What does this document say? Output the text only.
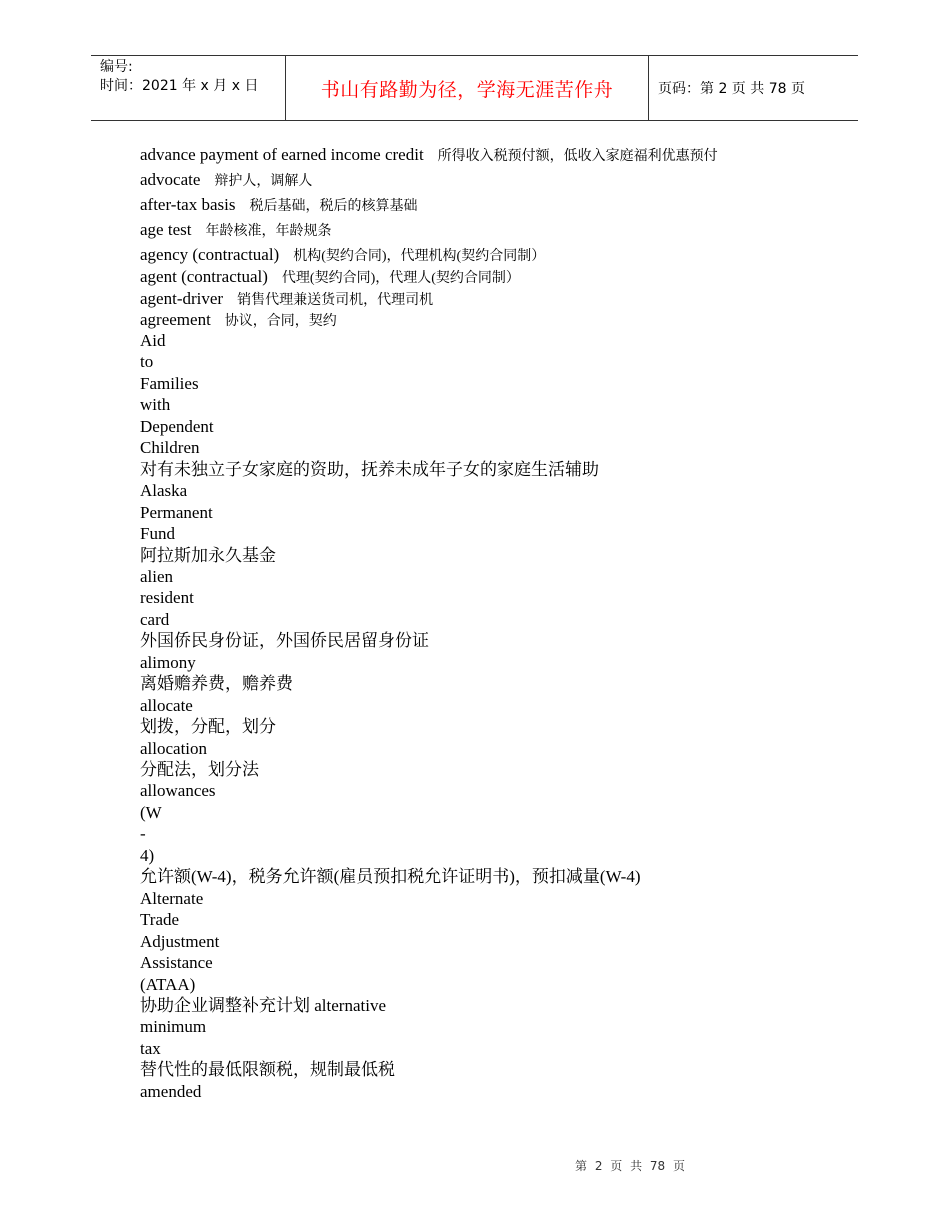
编号:
时间：2021 年 x 月 x 日	书山有路勤为径，学海无涯苦作舟	页码：第 2 页 共 78 页
advance payment of earned income credit 所得收入税预付额，低收入家庭福利优惠预付
advocate 辩护人，调解人
after-tax basis 税后基础，税后的核算基础
age test 年龄核准，年龄规条
agency (contractual) 机构(契约合同)，代理机构(契约合同制）
agent (contractual) 代理(契约合同)，代理人(契约合同制）
agent-driver 销售代理兼送货司机，代理司机
agreement 协议，合同，契约
Aid
to
Families
with
Dependent
Children
对有未独立子女家庭的资助，抚养未成年子女的家庭生活辅助
Alaska
Permanent
Fund
阿拉斯加永久基金
alien
resident
card
外国侨民身份证，外国侨民居留身份证
alimony
离婚赡养费，赡养费
allocate
划拨，分配，划分
allocation
分配法，划分法
allowances
(W
-
4)
允许额(W-4)，税务允许额(雇员预扣税允许证明书)，预扣减量(W-4)
Alternate
Trade
Adjustment
Assistance
(ATAA)
协助企业调整补充计划 alternative
minimum
tax
替代性的最低限额税，规制最低税
amended
第 2 页 共 78 页
